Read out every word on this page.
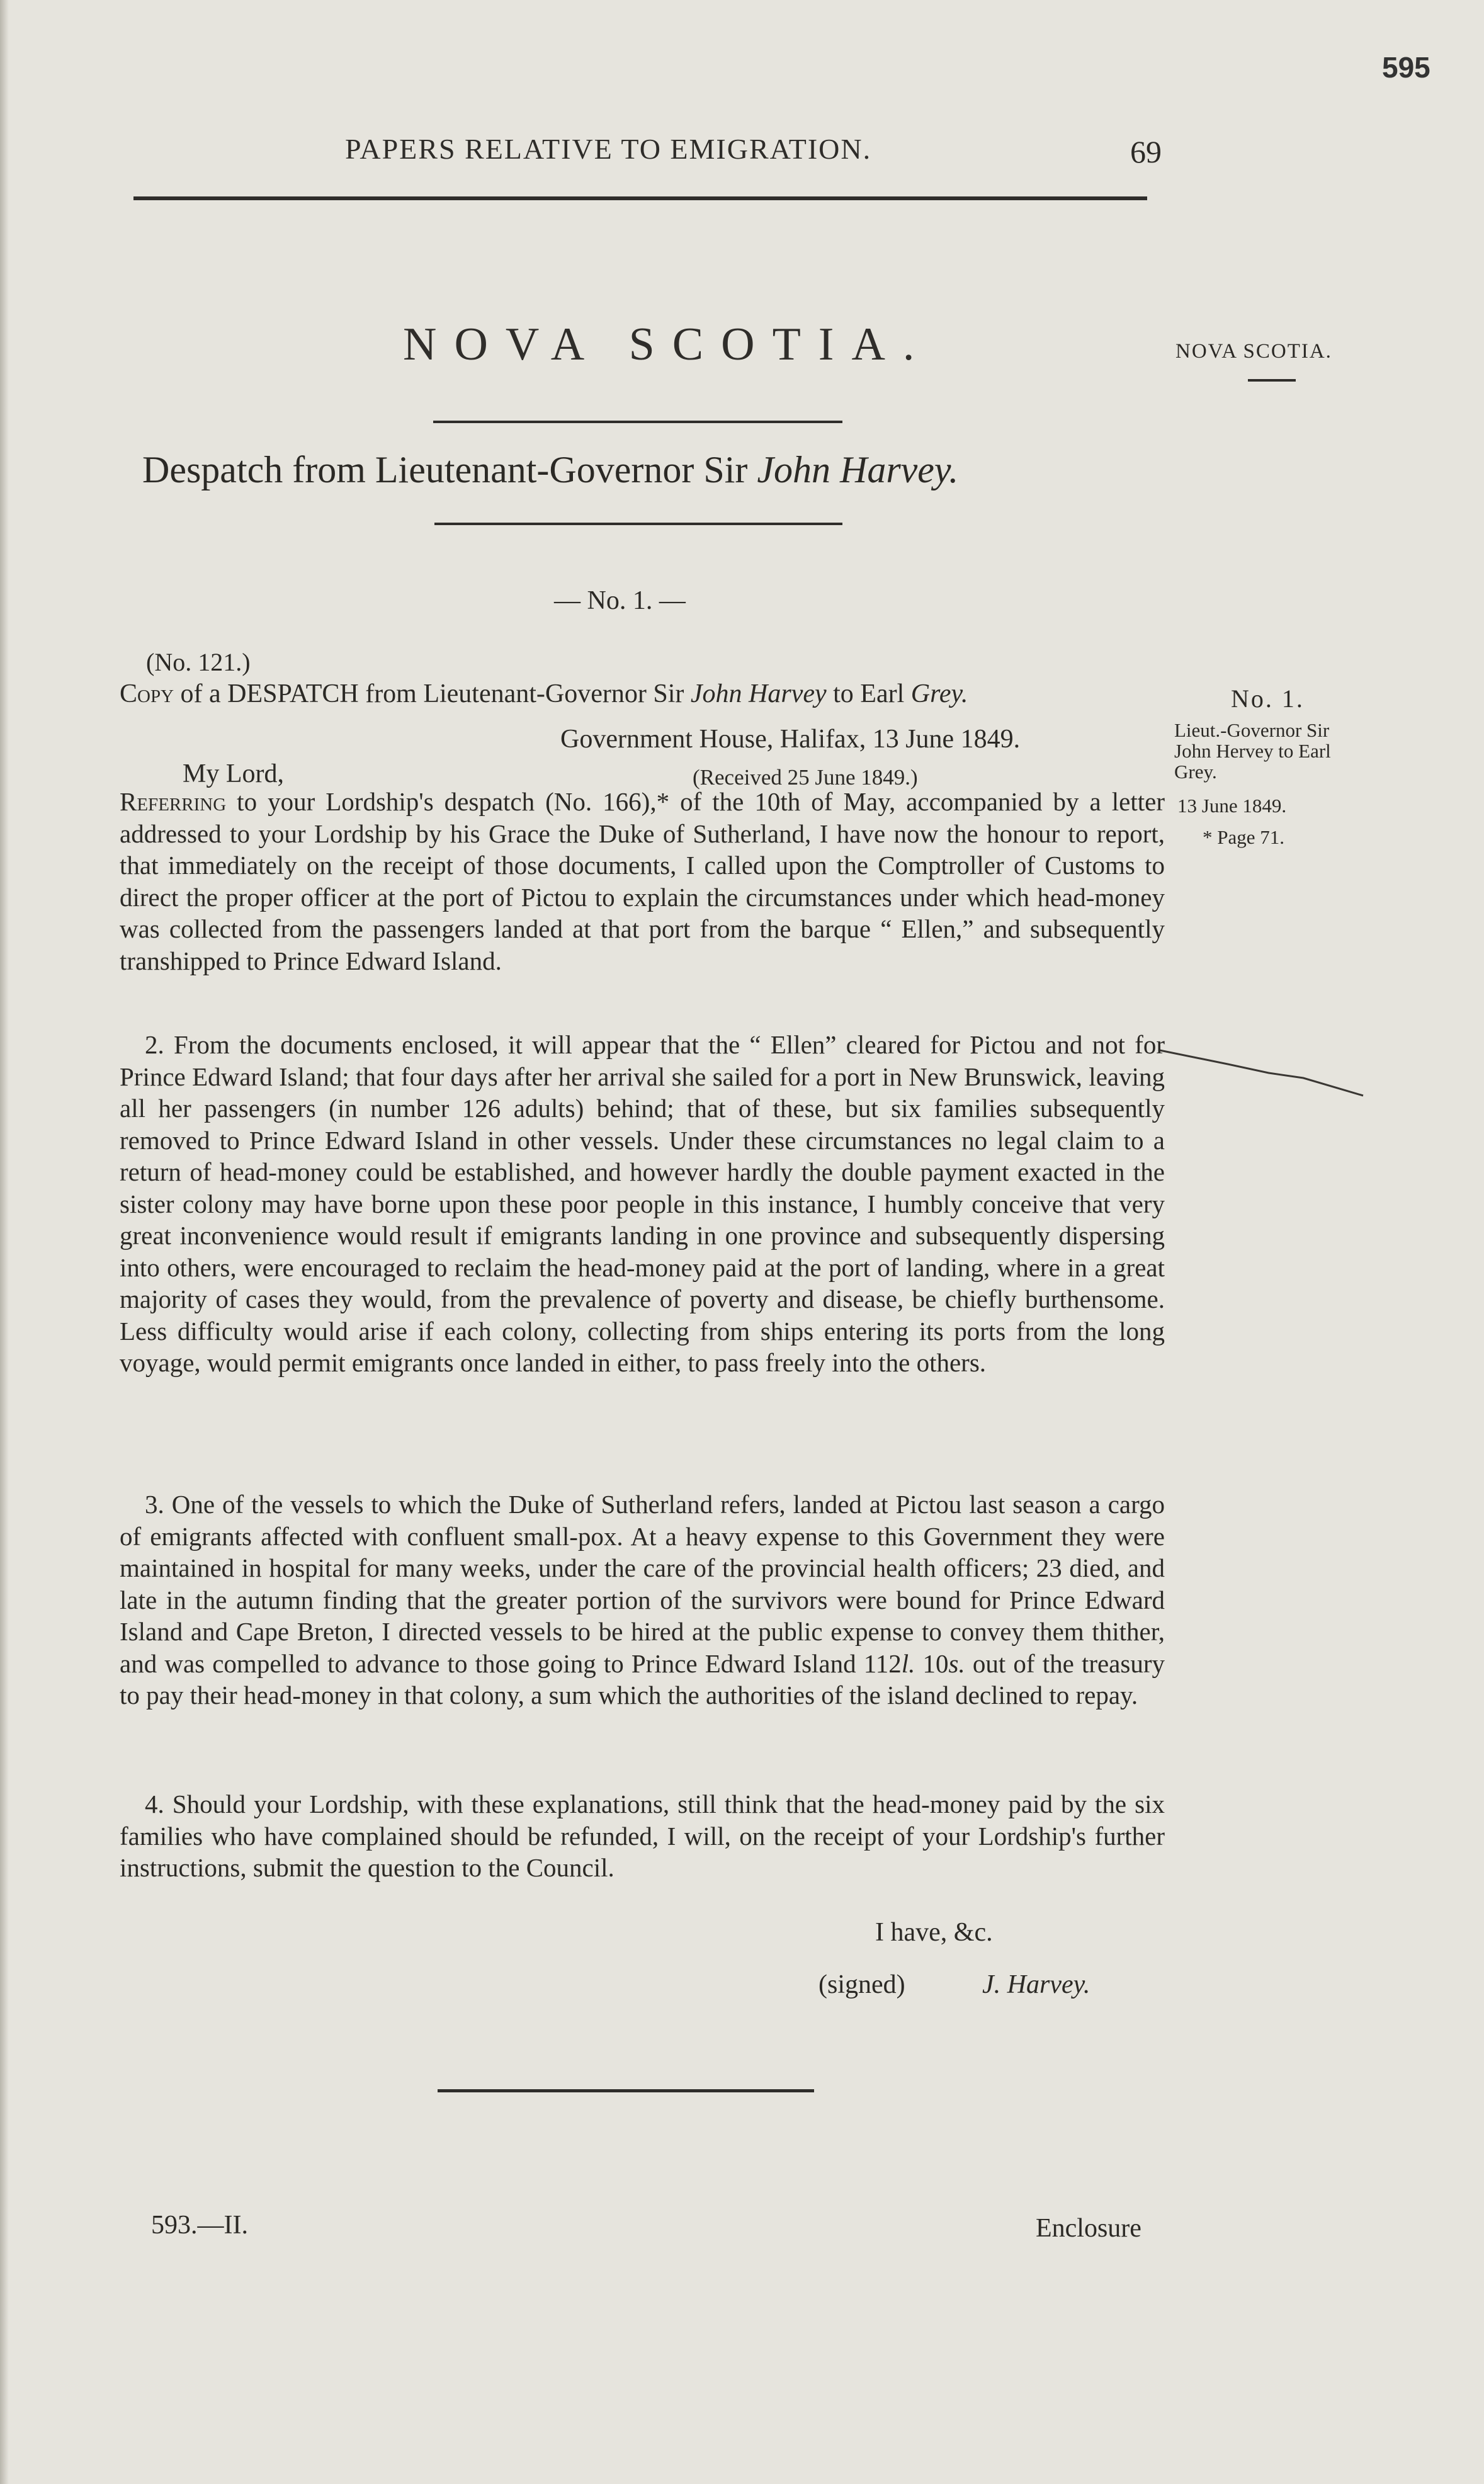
595
PAPERS RELATIVE TO EMIGRATION.	69
NOVA SCOTIA.	NOVA SCOTIA.
Despatch from Lieutenant-Governor Sir John Harvey.
— No. 1. —
(No. 121.)
Copy of a DESPATCH from Lieutenant-Governor Sir John Harvey to Earl Grey.
Government House, Halifax, 13 June 1849.
My Lord,	(Received 25 June 1849.)
No. 1.
Lieut.-Governor Sir John Hervey to Earl Grey.
13 June 1849.
* Page 71.

Referring to your Lordship's despatch (No. 166),* of the 10th of May, accompanied by a letter addressed to your Lordship by his Grace the Duke of Sutherland, I have now the honour to report, that immediately on the receipt of those documents, I called upon the Comptroller of Customs to direct the proper officer at the port of Pictou to explain the circumstances under which head-money was collected from the passengers landed at that port from the barque “ Ellen,” and subsequently transhipped to Prince Edward Island.

2. From the documents enclosed, it will appear that the “ Ellen” cleared for Pictou and not for Prince Edward Island; that four days after her arrival she sailed for a port in New Brunswick, leaving all her passengers (in number 126 adults) behind; that of these, but six families subsequently removed to Prince Edward Island in other vessels. Under these circumstances no legal claim to a return of head-money could be established, and however hardly the double payment exacted in the sister colony may have borne upon these poor people in this instance, I humbly conceive that very great inconvenience would result if emigrants landing in one province and subsequently dispersing into others, were encouraged to reclaim the head-money paid at the port of landing, where in a great majority of cases they would, from the prevalence of poverty and disease, be chiefly burthensome. Less difficulty would arise if each colony, collecting from ships entering its ports from the long voyage, would permit emigrants once landed in either, to pass freely into the others.

3. One of the vessels to which the Duke of Sutherland refers, landed at Pictou last season a cargo of emigrants affected with confluent small-pox. At a heavy expense to this Government they were maintained in hospital for many weeks, under the care of the provincial health officers; 23 died, and late in the autumn finding that the greater portion of the survivors were bound for Prince Edward Island and Cape Breton, I directed vessels to be hired at the public expense to convey them thither, and was compelled to advance to those going to Prince Edward Island 112l. 10s. out of the treasury to pay their head-money in that colony, a sum which the authorities of the island declined to repay.

4. Should your Lordship, with these explanations, still think that the head-money paid by the six families who have complained should be refunded, I will, on the receipt of your Lordship's further instructions, submit the question to the Council.

I have, &c.
(signed)	J. Harvey.
593.—II.	Enclosure
